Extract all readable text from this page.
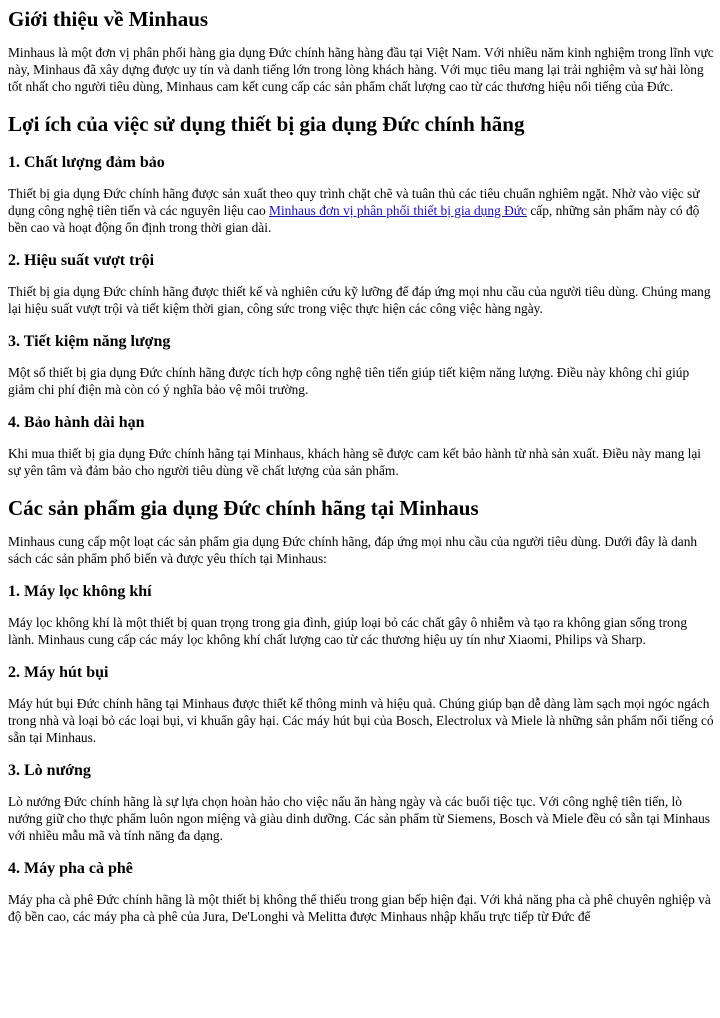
Giới thiệu về Minhaus

Minhaus là một đơn vị phân phối hàng gia dụng Đức chính hãng hàng đầu tại Việt Nam. Với nhiều năm kinh nghiệm trong lĩnh vực này, Minhaus đã xây dựng được uy tín và danh tiếng lớn trong lòng khách hàng. Với mục tiêu mang lại trải nghiệm và sự hài lòng tốt nhất cho người tiêu dùng, Minhaus cam kết cung cấp các sản phẩm chất lượng cao từ các thương hiệu nổi tiếng của Đức.

Lợi ích của việc sử dụng thiết bị gia dụng Đức chính hãng
1. Chất lượng đảm bảo

Thiết bị gia dụng Đức chính hãng được sản xuất theo quy trình chặt chẽ và tuân thủ các tiêu chuẩn nghiêm ngặt. Nhờ vào việc sử dụng công nghệ tiên tiến và các nguyên liệu cao Minhaus đơn vị phân phối thiết bị gia dụng Đức cấp, những sản phẩm này có độ bền cao và hoạt động ổn định trong thời gian dài.

2. Hiệu suất vượt trội

Thiết bị gia dụng Đức chính hãng được thiết kế và nghiên cứu kỹ lưỡng để đáp ứng mọi nhu cầu của người tiêu dùng. Chúng mang lại hiệu suất vượt trội và tiết kiệm thời gian, công sức trong việc thực hiện các công việc hàng ngày.

3. Tiết kiệm năng lượng

Một số thiết bị gia dụng Đức chính hãng được tích hợp công nghệ tiên tiến giúp tiết kiệm năng lượng. Điều này không chỉ giúp giảm chi phí điện mà còn có ý nghĩa bảo vệ môi trường.

4. Bảo hành dài hạn

Khi mua thiết bị gia dụng Đức chính hãng tại Minhaus, khách hàng sẽ được cam kết bảo hành từ nhà sản xuất. Điều này mang lại sự yên tâm và đảm bảo cho người tiêu dùng về chất lượng của sản phẩm.

Các sản phẩm gia dụng Đức chính hãng tại Minhaus

Minhaus cung cấp một loạt các sản phẩm gia dụng Đức chính hãng, đáp ứng mọi nhu cầu của người tiêu dùng. Dưới đây là danh sách các sản phẩm phổ biến và được yêu thích tại Minhaus:

1. Máy lọc không khí

Máy lọc không khí là một thiết bị quan trọng trong gia đình, giúp loại bỏ các chất gây ô nhiễm và tạo ra không gian sống trong lành. Minhaus cung cấp các máy lọc không khí chất lượng cao từ các thương hiệu uy tín như Xiaomi, Philips và Sharp.

2. Máy hút bụi

Máy hút bụi Đức chính hãng tại Minhaus được thiết kế thông minh và hiệu quả. Chúng giúp bạn dễ dàng làm sạch mọi ngóc ngách trong nhà và loại bỏ các loại bụi, vi khuẩn gây hại. Các máy hút bụi của Bosch, Electrolux và Miele là những sản phẩm nổi tiếng có sẵn tại Minhaus.

3. Lò nướng

Lò nướng Đức chính hãng là sự lựa chọn hoàn hảo cho việc nấu ăn hàng ngày và các buổi tiệc tục. Với công nghệ tiên tiến, lò nướng giữ cho thực phẩm luôn ngon miệng và giàu dinh dưỡng. Các sản phẩm từ Siemens, Bosch và Miele đều có sẵn tại Minhaus với nhiều mẫu mã và tính năng đa dạng.

4. Máy pha cà phê

Máy pha cà phê Đức chính hãng là một thiết bị không thể thiếu trong gian bếp hiện đại. Với khả năng pha cà phê chuyên nghiệp và độ bền cao, các máy pha cà phê của Jura, De'Longhi và Melitta được Minhaus nhập khẩu trực tiếp từ Đức để
